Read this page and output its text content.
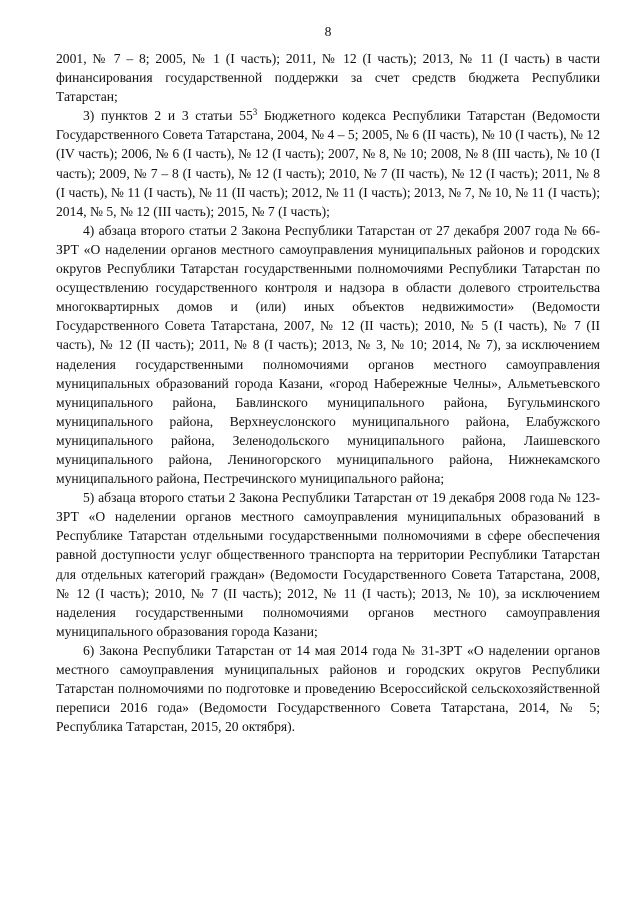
8

2001, № 7 – 8; 2005, № 1 (I часть); 2011, № 12 (I часть); 2013, № 11 (I часть) в части финансирования государственной поддержки за счет средств бюджета Республики Татарстан;

3) пунктов 2 и 3 статьи $55^3$ Бюджетного кодекса Республики Татарстан (Ведомости Государственного Совета Татарстана, 2004, № 4 – 5; 2005, № 6 (II часть), № 10 (I часть), № 12 (IV часть); 2006, № 6 (I часть), № 12 (I часть); 2007, № 8, № 10; 2008, № 8 (III часть), № 10 (I часть); 2009, № 7 – 8 (I часть), № 12 (I часть); 2010, № 7 (II часть), № 12 (I часть); 2011, № 8 (I часть), № 11 (I часть), № 11 (II часть); 2012, № 11 (I часть); 2013, № 7, № 10, № 11 (I часть); 2014, № 5, № 12 (III часть); 2015, № 7 (I часть);

4) абзаца второго статьи 2 Закона Республики Татарстан от 27 декабря 2007 года № 66-ЗРТ «О наделении органов местного самоуправления муниципальных районов и городских округов Республики Татарстан государственными полномочиями Республики Татарстан по осуществлению государственного контроля и надзора в области долевого строительства многоквартирных домов и (или) иных объектов недвижимости» (Ведомости Государственного Совета Татарстана, 2007, № 12 (II часть); 2010, № 5 (I часть), № 7 (II часть), № 12 (II часть); 2011, № 8 (I часть); 2013, № 3, № 10; 2014, № 7), за исключением наделения государственными полномочиями органов местного самоуправления муниципальных образований города Казани, «город Набережные Челны», Альметьевского муниципального района, Бавлинского муниципального района, Бугульминского муниципального района, Верхнеуслонского муниципального района, Елабужского муниципального района, Зеленодольского муниципального района, Лаишевского муниципального района, Лениногорского муниципального района, Нижнекамского муниципального района, Пестречинского муниципального района;

5) абзаца второго статьи 2 Закона Республики Татарстан от 19 декабря 2008 года № 123-ЗРТ «О наделении органов местного самоуправления муниципальных образований в Республике Татарстан отдельными государственными полномочиями в сфере обеспечения равной доступности услуг общественного транспорта на территории Республики Татарстан для отдельных категорий граждан» (Ведомости Государственного Совета Татарстана, 2008, № 12 (I часть); 2010, № 7 (II часть); 2012, № 11 (I часть); 2013, № 10), за исключением наделения государственными полномочиями органов местного самоуправления муниципального образования города Казани;

6) Закона Республики Татарстан от 14 мая 2014 года № 31-ЗРТ «О наделении органов местного самоуправления муниципальных районов и городских округов Республики Татарстан полномочиями по подготовке и проведению Всероссийской сельскохозяйственной переписи 2016 года» (Ведомости Государственного Совета Татарстана, 2014, № 5; Республика Татарстан, 2015, 20 октября).
